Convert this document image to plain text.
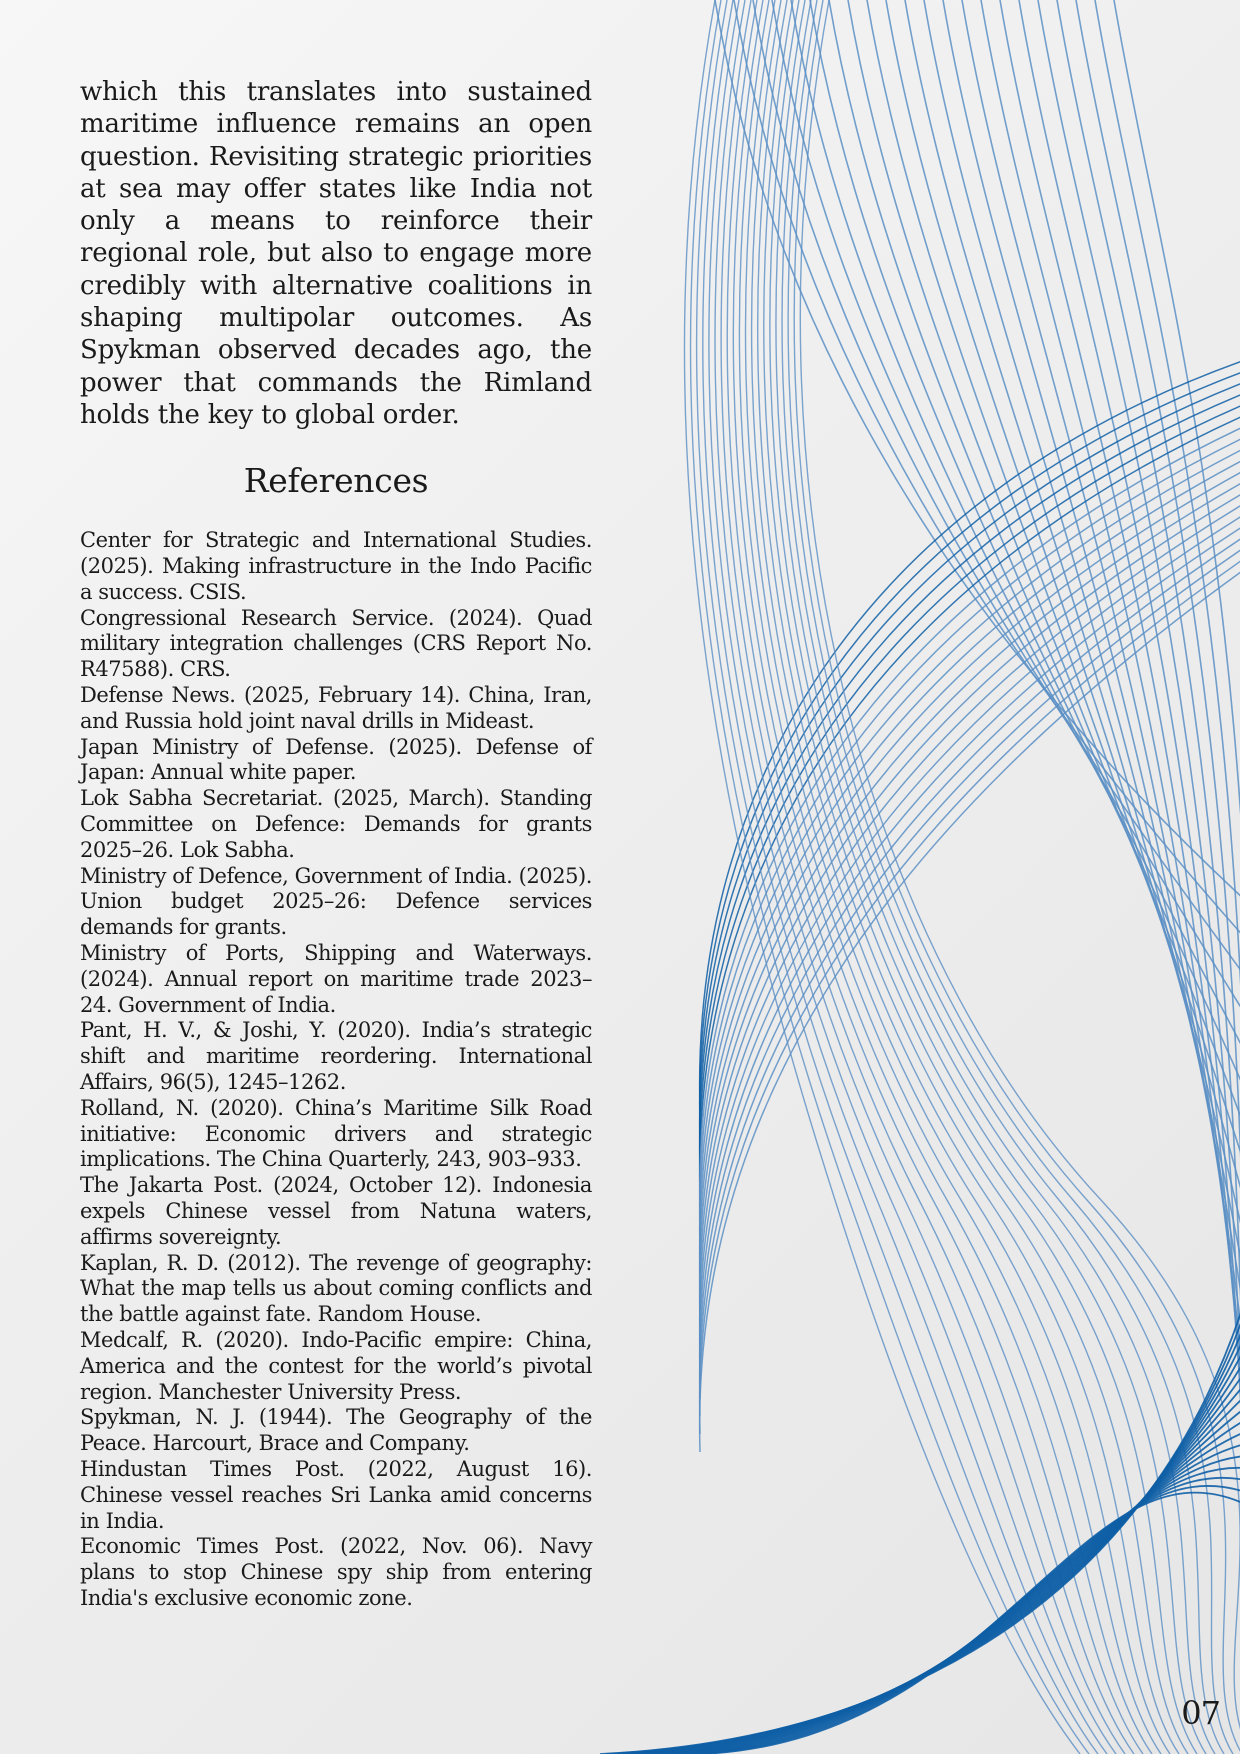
which this translates into sustained maritime influence remains an open question. Revisiting strategic priorities at sea may offer states like India not only a means to reinforce their regional role, but also to engage more credibly with alternative coalitions in shaping multipolar outcomes. As Spykman observed decades ago, the power that commands the Rimland holds the key to global order.

References
Center for Strategic and International Studies. (2025). Making infrastructure in the Indo Pacific a success. CSIS.
Congressional Research Service. (2024). Quad military integration challenges (CRS Report No. R47588). CRS.
Defense News. (2025, February 14). China, Iran, and Russia hold joint naval drills in Mideast.
Japan Ministry of Defense. (2025). Defense of Japan: Annual white paper.
Lok Sabha Secretariat. (2025, March). Standing Committee on Defence: Demands for grants 2025–26. Lok Sabha.
Ministry of Defence, Government of India. (2025). Union budget 2025–26: Defence services demands for grants.
Ministry of Ports, Shipping and Waterways. (2024). Annual report on maritime trade 2023–24. Government of India.
Pant, H. V., & Joshi, Y. (2020). India’s strategic shift and maritime reordering. International Affairs, 96(5), 1245–1262.
Rolland, N. (2020). China’s Maritime Silk Road initiative: Economic drivers and strategic implications. The China Quarterly, 243, 903–933.
The Jakarta Post. (2024, October 12). Indonesia expels Chinese vessel from Natuna waters, affirms sovereignty.
Kaplan, R. D. (2012). The revenge of geography: What the map tells us about coming conflicts and the battle against fate. Random House.
Medcalf, R. (2020). Indo-Pacific empire: China, America and the contest for the world’s pivotal region. Manchester University Press.
Spykman, N. J. (1944). The Geography of the Peace. Harcourt, Brace and Company.
Hindustan Times Post. (2022, August 16). Chinese vessel reaches Sri Lanka amid concerns in India.
Economic Times Post. (2022, Nov. 06). Navy plans to stop Chinese spy ship from entering India's exclusive economic zone.
07
